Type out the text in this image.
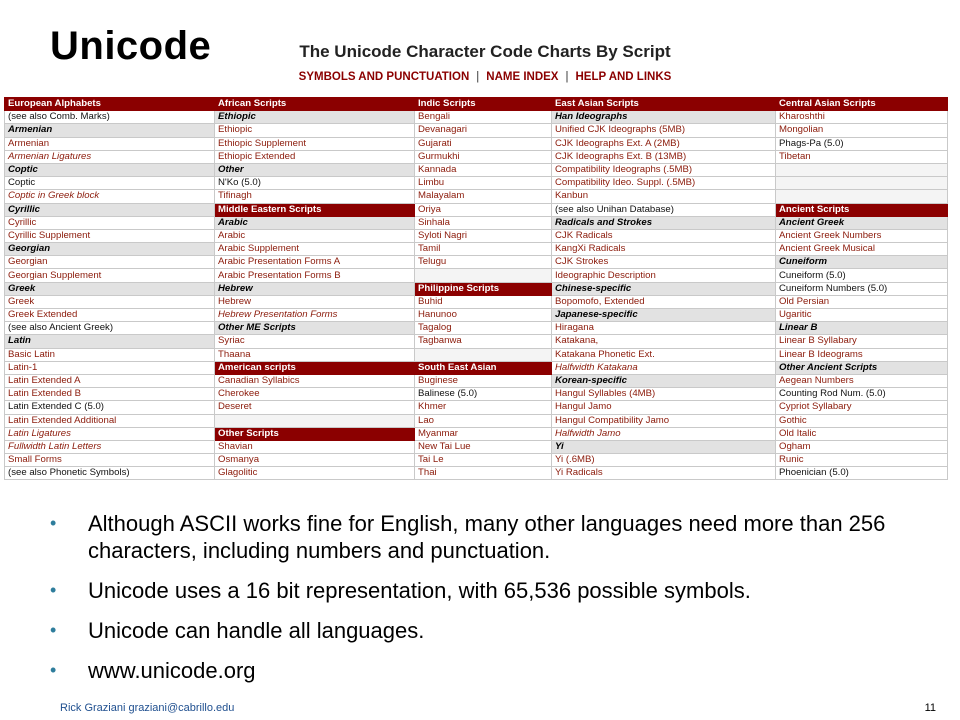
Unicode	The Unicode Character Code Charts By Script
SYMBOLS AND PUNCTUATION | NAME INDEX | HELP AND LINKS
European Alphabets	African Scripts	Indic Scripts	East Asian Scripts	Central Asian Scripts
(see also Comb. Marks)	Ethiopic	Bengali	Han Ideographs	Kharoshthi
Armenian	Ethiopic	Devanagari	Unified CJK Ideographs (5MB)	Mongolian
Armenian	Ethiopic Supplement	Gujarati	CJK Ideographs Ext. A (2MB)	Phags-Pa (5.0)
Armenian Ligatures	Ethiopic Extended	Gurmukhi	CJK Ideographs Ext. B (13MB)	Tibetan
Coptic	Other	Kannada	Compatibility Ideographs (.5MB)	
Coptic	N'Ko (5.0)	Limbu	Compatibility Ideo. Suppl. (.5MB)	
Coptic in Greek block	Tifinagh	Malayalam	Kanbun	
Cyrillic	Middle Eastern Scripts	Oriya	(see also Unihan Database)	Ancient Scripts
Cyrillic	Arabic	Sinhala	Radicals and Strokes	Ancient Greek
Cyrillic Supplement	Arabic	Syloti Nagri	CJK Radicals	Ancient Greek Numbers
Georgian	Arabic Supplement	Tamil	KangXi Radicals	Ancient Greek Musical
Georgian	Arabic Presentation Forms A	Telugu	CJK Strokes	Cuneiform
Georgian Supplement	Arabic Presentation Forms B		Ideographic Description	Cuneiform (5.0)
Greek	Hebrew	Philippine Scripts	Chinese-specific	Cuneiform Numbers (5.0)
Greek	Hebrew	Buhid	Bopomofo, Extended	Old Persian
Greek Extended	Hebrew Presentation Forms	Hanunoo	Japanese-specific	Ugaritic
(see also Ancient Greek)	Other ME Scripts	Tagalog	Hiragana	Linear B
Latin	Syriac	Tagbanwa	Katakana,	Linear B Syllabary
Basic Latin	Thaana		Katakana Phonetic Ext.	Linear B Ideograms
Latin-1	American scripts	South East Asian	Halfwidth Katakana	Other Ancient Scripts
Latin Extended A	Canadian Syllabics	Buginese	Korean-specific	Aegean Numbers
Latin Extended B	Cherokee	Balinese (5.0)	Hangul Syllables (4MB)	Counting Rod Num. (5.0)
Latin Extended C (5.0)	Deseret	Khmer	Hangul Jamo	Cypriot Syllabary
Latin Extended Additional		Lao	Hangul Compatibility Jamo	Gothic
Latin Ligatures	Other Scripts	Myanmar	Halfwidth Jamo	Old Italic
Fullwidth Latin Letters	Shavian	New Tai Lue	Yi	Ogham
Small Forms	Osmanya	Tai Le	Yi (.6MB)	Runic
(see also Phonetic Symbols)	Glagolitic	Thai	Yi Radicals	Phoenician (5.0)
• Although ASCII works fine for English, many other languages need more than 256 characters, including numbers and punctuation.
• Unicode uses a 16 bit representation, with 65,536 possible symbols.
• Unicode can handle all languages.
• www.unicode.org
Rick Graziani graziani@cabrillo.edu	11
